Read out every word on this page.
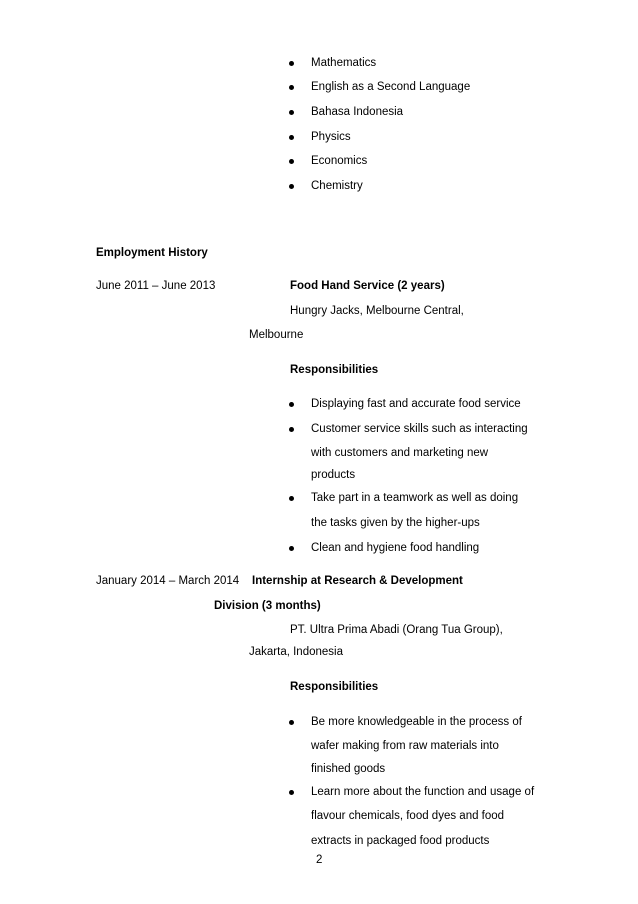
Mathematics
English as a Second Language
Bahasa Indonesia
Physics
Economics
Chemistry
Employment History
June 2011 – June 2013	Food Hand Service (2 years)
Hungry Jacks, Melbourne Central,
Melbourne
Responsibilities
Displaying fast and accurate food service
Customer service skills such as interacting
with customers and marketing new
products
Take part in a teamwork as well as doing
the tasks given by the higher-ups
Clean and hygiene food handling
January 2014 – March 2014 Internship at Research & Development
Division (3 months)
PT. Ultra Prima Abadi (Orang Tua Group),
Jakarta, Indonesia
Responsibilities
Be more knowledgeable in the process of
wafer making from raw materials into
finished goods
Learn more about the function and usage of
flavour chemicals, food dyes and food
extracts in packaged food products
2
